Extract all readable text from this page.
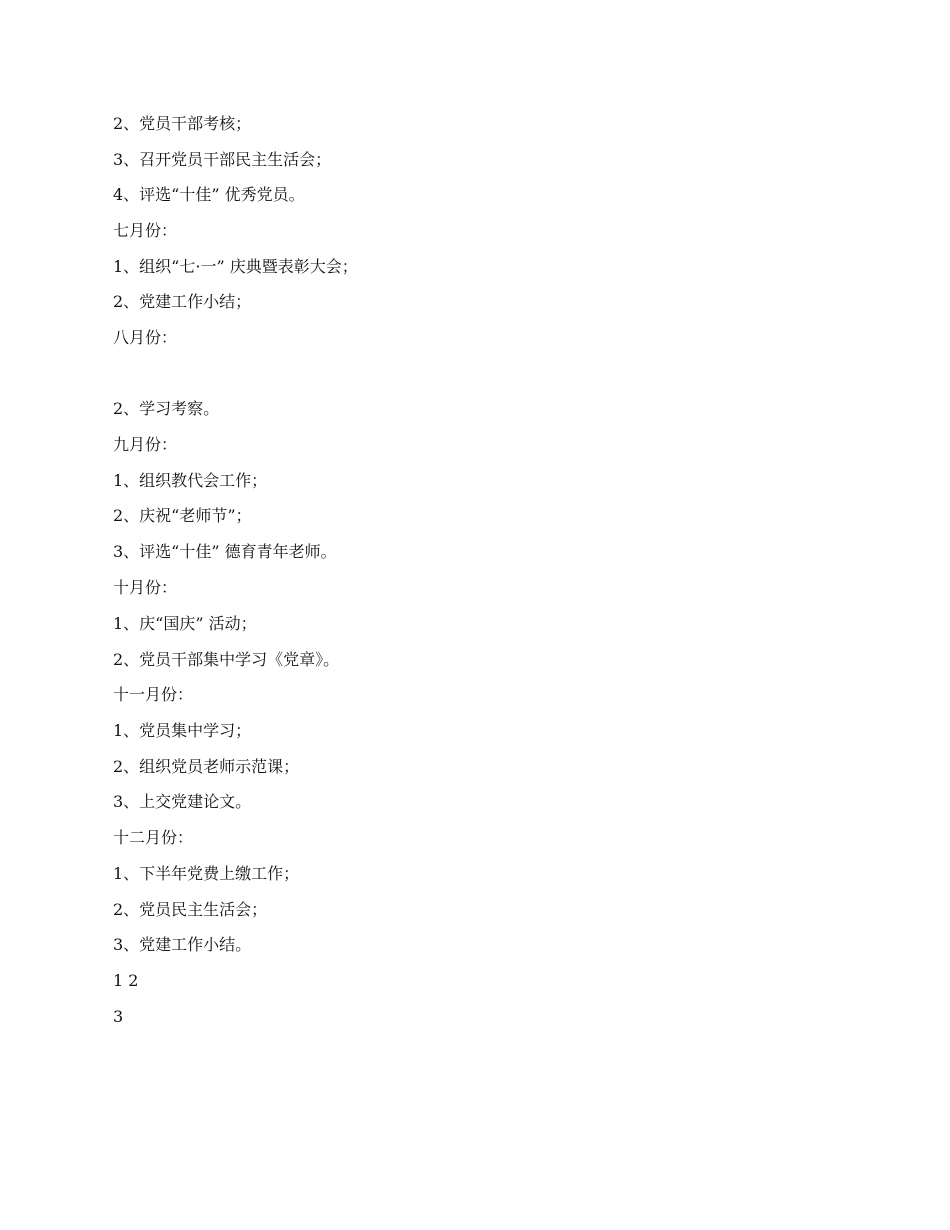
2、党员干部考核；
3、召开党员干部民主生活会；
4、评选“十佳” 优秀党员。
七月份：
1、组织“七·一” 庆典暨表彰大会；
2、党建工作小结；
八月份：
2、学习考察。
九月份：
1、组织教代会工作；
2、庆祝“老师节”；
3、评选“十佳” 德育青年老师。
十月份：
1、庆“国庆” 活动；
2、党员干部集中学习《党章》。
十一月份：
1、党员集中学习；
2、组织党员老师示范课；
3、上交党建论文。
十二月份：
1、下半年党费上缴工作；
2、党员民主生活会；
3、党建工作小结。
1 2
3
